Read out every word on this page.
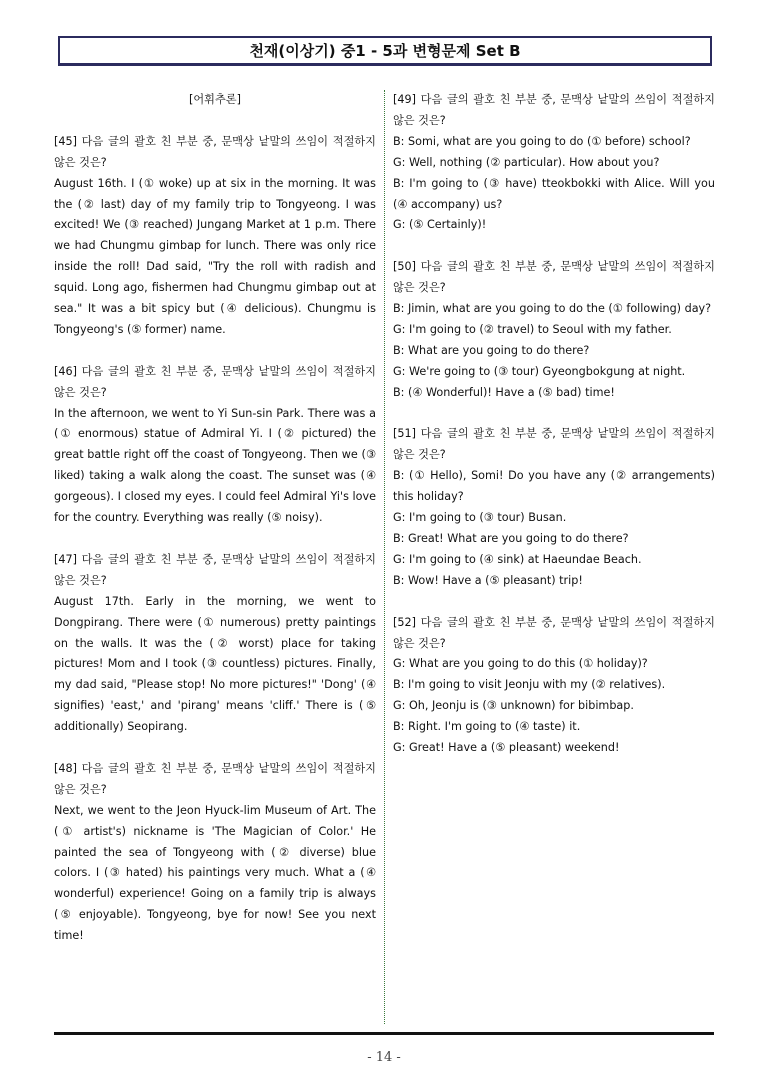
천재(이상기) 중1 - 5과 변형문제 Set B
[어휘추론]

[45] 다음 글의 괄호 친 부분 중, 문맥상 낱말의 쓰임이 적절하지 않은 것은?

August 16th. I (① woke) up at six in the morning. It was the (② last) day of my family trip to Tongyeong. I was excited! We (③ reached) Jungang Market at 1 p.m. There we had Chungmu gimbap for lunch. There was only rice inside the roll! Dad said, "Try the roll with radish and squid. Long ago, fishermen had Chungmu gimbap out at sea." It was a bit spicy but (④ delicious). Chungmu is Tongyeong's (⑤ former) name.

[46] 다음 글의 괄호 친 부분 중, 문맥상 낱말의 쓰임이 적절하지 않은 것은?

In the afternoon, we went to Yi Sun-sin Park. There was a (① enormous) statue of Admiral Yi. I (② pictured) the great battle right off the coast of Tongyeong. Then we (③ liked) taking a walk along the coast. The sunset was (④ gorgeous). I closed my eyes. I could feel Admiral Yi's love for the country. Everything was really (⑤ noisy).

[47] 다음 글의 괄호 친 부분 중, 문맥상 낱말의 쓰임이 적절하지 않은 것은?

August 17th. Early in the morning, we went to Dongpirang. There were (① numerous) pretty paintings on the walls. It was the (② worst) place for taking pictures! Mom and I took (③ countless) pictures. Finally, my dad said, "Please stop! No more pictures!" 'Dong' (④ signifies) 'east,' and 'pirang' means 'cliff.' There is (⑤ additionally) Seopirang.

[48] 다음 글의 괄호 친 부분 중, 문맥상 낱말의 쓰임이 적절하지 않은 것은?

Next, we went to the Jeon Hyuck-lim Museum of Art. The (① artist's) nickname is 'The Magician of Color.' He painted the sea of Tongyeong with (② diverse) blue colors. I (③ hated) his paintings very much. What a (④ wonderful) experience! Going on a family trip is always (⑤ enjoyable). Tongyeong, bye for now! See you next time!

[49] 다음 글의 괄호 친 부분 중, 문맥상 낱말의 쓰임이 적절하지 않은 것은?

B: Somi, what are you going to do (① before) school?

G: Well, nothing (② particular). How about you?

B: I'm going to (③ have) tteokbokki with Alice. Will you (④ accompany) us?

G: (⑤ Certainly)!

[50] 다음 글의 괄호 친 부분 중, 문맥상 낱말의 쓰임이 적절하지 않은 것은?

B: Jimin, what are you going to do the (① following) day?

G: I'm going to (② travel) to Seoul with my father.

B: What are you going to do there?

G: We're going to (③ tour) Gyeongbokgung at night.

B: (④ Wonderful)! Have a (⑤ bad) time!

[51] 다음 글의 괄호 친 부분 중, 문맥상 낱말의 쓰임이 적절하지 않은 것은?

B: (① Hello), Somi! Do you have any (② arrangements) this holiday?

G: I'm going to (③ tour) Busan.

B: Great! What are you going to do there?

G: I'm going to (④ sink) at Haeundae Beach.

B: Wow! Have a (⑤ pleasant) trip!

[52] 다음 글의 괄호 친 부분 중, 문맥상 낱말의 쓰임이 적절하지 않은 것은?

G: What are you going to do this (① holiday)?

B: I'm going to visit Jeonju with my (② relatives).

G: Oh, Jeonju is (③ unknown) for bibimbap.

B: Right. I'm going to (④ taste) it.

G: Great! Have a (⑤ pleasant) weekend!

- 14 -
